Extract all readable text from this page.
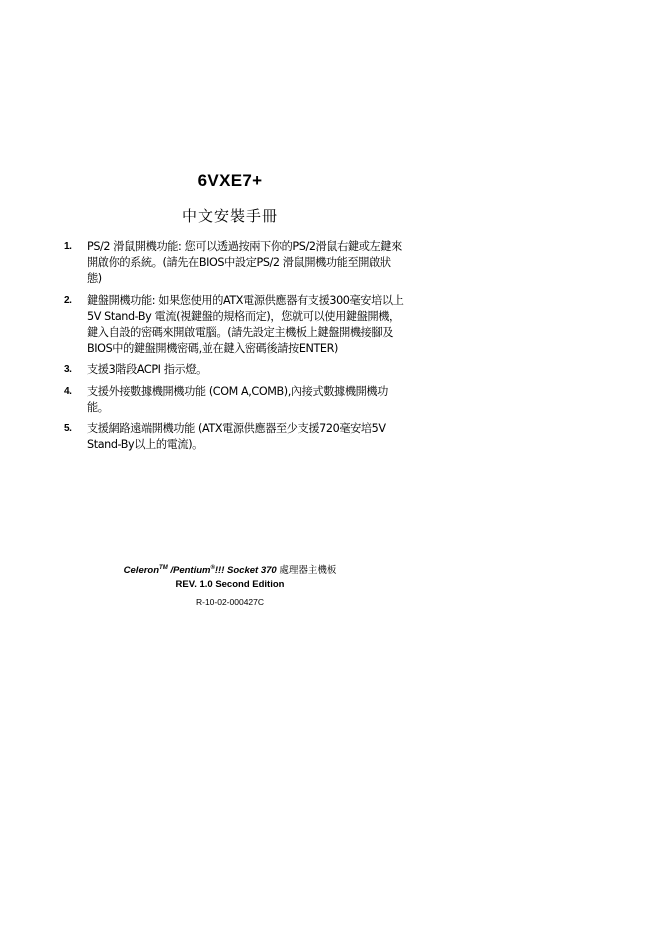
6VXE7+
中文安裝手冊
1. PS/2 滑鼠開機功能: 您可以透過按兩下你的PS/2滑鼠右鍵或左鍵來開啟你的系統。(請先在BIOS中設定PS/2 滑鼠開機功能至開啟狀態)
2. 鍵盤開機功能: 如果您使用的ATX電源供應器有支援300毫安培以上 5V Stand-By 電流(視鍵盤的規格而定)，您就可以使用鍵盤開機，鍵入自設的密碼來開啟電腦。(請先設定主機板上鍵盤開機接腳及BIOS中的鍵盤開機密碼,並在鍵入密碼後請按ENTER)
3. 支援3階段ACPI 指示燈。
4. 支援外接數據機開機功能 (COM A,COMB),內接式數據機開機功能。
5. 支援網路遠端開機功能 (ATX電源供應器至少支援720毫安培5V Stand-By以上的電流)。
Celeron™ /Pentium®!!! Socket 370 處理器主機板
REV. 1.0 Second Edition
R-10-02-000427C
